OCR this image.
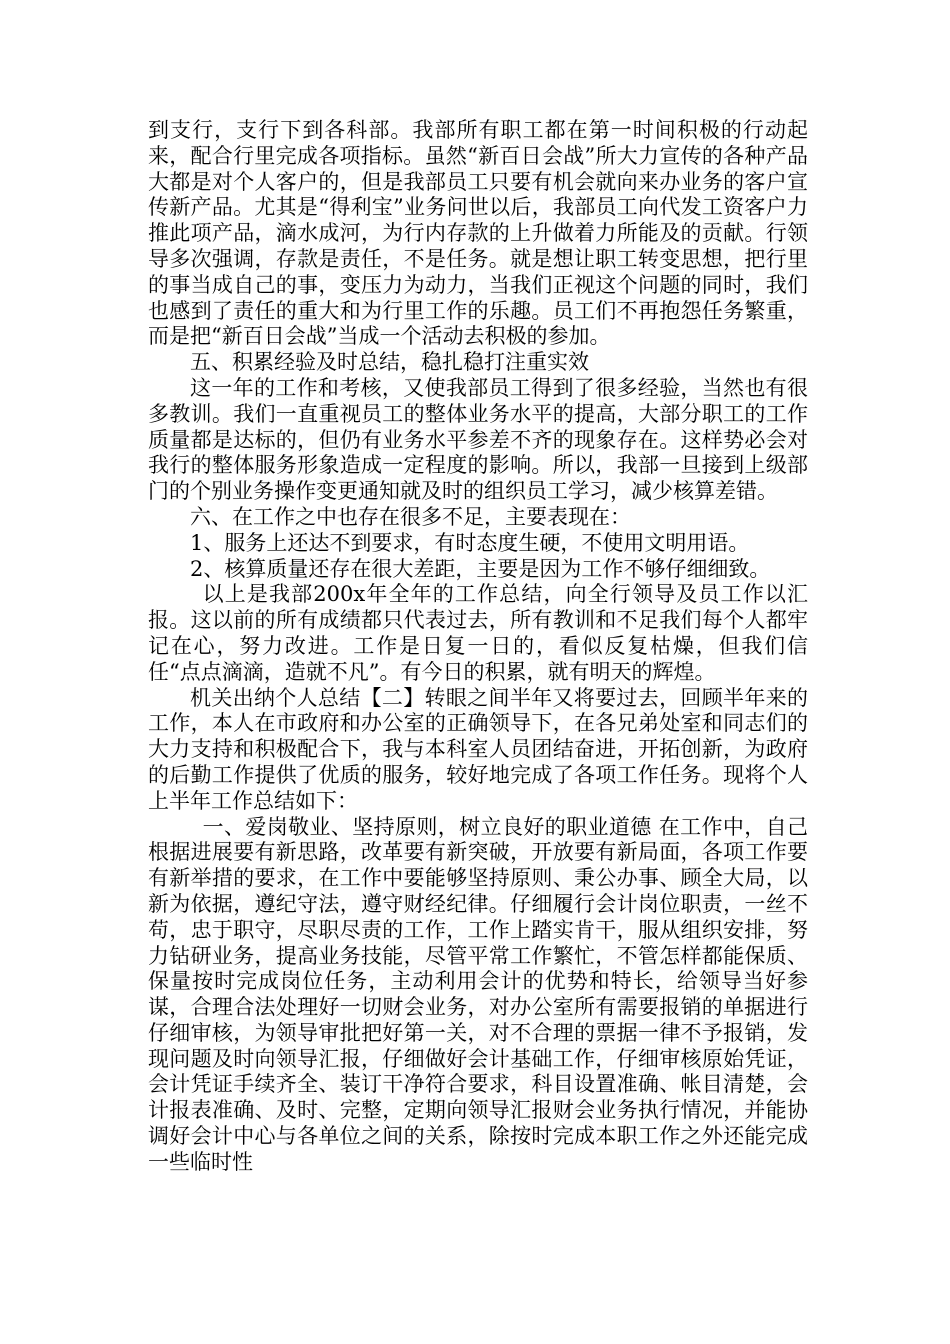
到支行，支行下到各科部。我部所有职工都在第一时间积极的行动起来，配合行里完成各项指标。虽然“新百日会战”所大力宣传的各种产品大都是对个人客户的，但是我部员工只要有机会就向来办业务的客户宣传新产品。尤其是“得利宝”业务问世以后，我部员工向代发工资客户力推此项产品，滴水成河，为行内存款的上升做着力所能及的贡献。行领导多次强调，存款是责任，不是任务。就是想让职工转变思想，把行里的事当成自己的事，变压力为动力，当我们正视这个问题的同时，我们也感到了责任的重大和为行里工作的乐趣。员工们不再抱怨任务繁重，而是把“新百日会战”当成一个活动去积极的参加。

五、积累经验及时总结，稳扎稳打注重实效

这一年的工作和考核，又使我部员工得到了很多经验，当然也有很多教训。我们一直重视员工的整体业务水平的提高，大部分职工的工作质量都是达标的，但仍有业务水平参差不齐的现象存在。这样势必会对我行的整体服务形象造成一定程度的影响。所以，我部一旦接到上级部门的个别业务操作变更通知就及时的组织员工学习，减少核算差错。

六、在工作之中也存在很多不足，主要表现在：

1、服务上还达不到要求，有时态度生硬，不使用文明用语。

2、核算质量还存在很大差距，主要是因为工作不够仔细细致。

以上是我部200x年全年的工作总结，向全行领导及员工作以汇报。这以前的所有成绩都只代表过去，所有教训和不足我们每个人都牢记在心，努力改进。工作是日复一日的，看似反复枯燥，但我们信任“点点滴滴，造就不凡”。有今日的积累，就有明天的辉煌。

机关出纳个人总结【二】转眼之间半年又将要过去，回顾半年来的工作，本人在市政府和办公室的正确领导下，在各兄弟处室和同志们的大力支持和积极配合下，我与本科室人员团结奋进，开拓创新，为政府的后勤工作提供了优质的服务，较好地完成了各项工作任务。现将个人上半年工作总结如下：

一、爱岗敬业、坚持原则，树立良好的职业道德 在工作中，自己根据进展要有新思路，改革要有新突破，开放要有新局面，各项工作要有新举措的要求，在工作中要能够坚持原则、秉公办事、顾全大局，以新为依据，遵纪守法，遵守财经纪律。仔细履行会计岗位职责，一丝不苟，忠于职守，尽职尽责的工作，工作上踏实肯干，服从组织安排，努力钻研业务，提高业务技能，尽管平常工作繁忙，不管怎样都能保质、保量按时完成岗位任务，主动利用会计的优势和特长，给领导当好参谋，合理合法处理好一切财会业务，对办公室所有需要报销的单据进行仔细审核，为领导审批把好第一关，对不合理的票据一律不予报销，发现问题及时向领导汇报，仔细做好会计基础工作，仔细审核原始凭证，会计凭证手续齐全、装订干净符合要求，科目设置准确、帐目清楚，会计报表准确、及时、完整，定期向领导汇报财会业务执行情况，并能协调好会计中心与各单位之间的关系，除按时完成本职工作之外还能完成一些临时性
